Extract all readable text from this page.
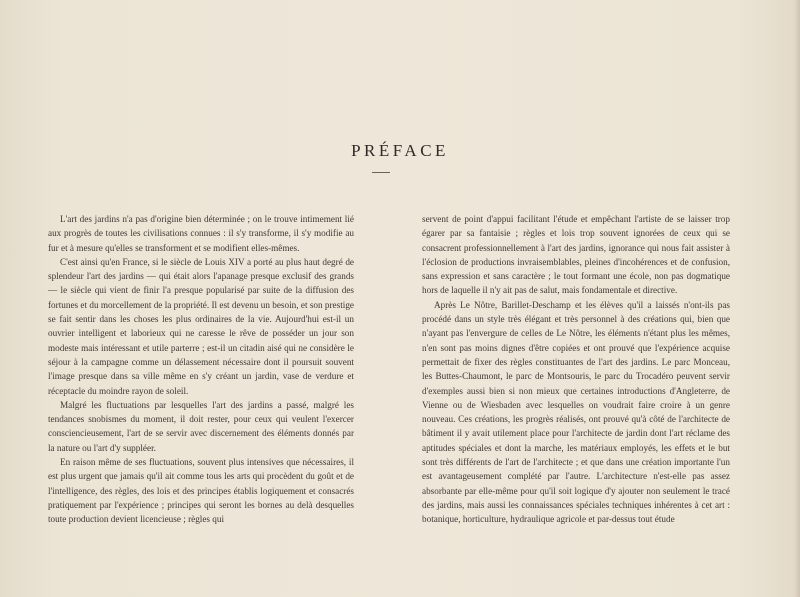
PRÉFACE

L'art des jardins n'a pas d'origine bien déterminée ; on le trouve intimement lié aux progrès de toutes les civilisations connues : il s'y transforme, il s'y modifie au fur et à mesure qu'elles se transforment et se modifient elles-mêmes.

C'est ainsi qu'en France, si le siècle de Louis XIV a porté au plus haut degré de splendeur l'art des jardins — qui était alors l'apanage presque exclusif des grands — le siècle qui vient de finir l'a presque popularisé par suite de la diffusion des fortunes et du morcellement de la propriété. Il est devenu un besoin, et son prestige se fait sentir dans les choses les plus ordinaires de la vie. Aujourd'hui est-il un ouvrier intelligent et laborieux qui ne caresse le rêve de posséder un jour son modeste mais intéressant et utile parterre ; est-il un citadin aisé qui ne considère le séjour à la campagne comme un délassement nécessaire dont il poursuit souvent l'image presque dans sa ville même en s'y créant un jardin, vase de verdure et réceptacle du moindre rayon de soleil.

Malgré les fluctuations par lesquelles l'art des jardins a passé, malgré les tendances snobismes du moment, il doit rester, pour ceux qui veulent l'exercer consciencieusement, l'art de se servir avec discernement des éléments donnés par la nature ou l'art d'y suppléer.

En raison même de ses fluctuations, souvent plus intensives que nécessaires, il est plus urgent que jamais qu'il ait comme tous les arts qui procèdent du goût et de l'intelligence, des règles, des lois et des principes établis logiquement et consacrés pratiquement par l'expérience ; principes qui seront les bornes au delà desquelles toute production devient licencieuse ; règles qui

servent de point d'appui facilitant l'étude et empêchant l'artiste de se laisser trop égarer par sa fantaisie ; règles et lois trop souvent ignorées de ceux qui se consacrent professionnellement à l'art des jardins, ignorance qui nous fait assister à l'éclosion de productions invraisemblables, pleines d'incohérences et de confusion, sans expression et sans caractère ; le tout formant une école, non pas dogmatique hors de laquelle il n'y ait pas de salut, mais fondamentale et directive.

Après Le Nôtre, Barillet-Deschamp et les élèves qu'il a laissés n'ont-ils pas procédé dans un style très élégant et très personnel à des créations qui, bien que n'ayant pas l'envergure de celles de Le Nôtre, les éléments n'étant plus les mêmes, n'en sont pas moins dignes d'être copiées et ont prouvé que l'expérience acquise permettait de fixer des règles constituantes de l'art des jardins. Le parc Monceau, les Buttes-Chaumont, le parc de Montsouris, le parc du Trocadéro peuvent servir d'exemples aussi bien si non mieux que certaines introductions d'Angleterre, de Vienne ou de Wiesbaden avec lesquelles on voudrait faire croire à un genre nouveau. Ces créations, les progrès réalisés, ont prouvé qu'à côté de l'architecte de bâtiment il y avait utilement place pour l'architecte de jardin dont l'art réclame des aptitudes spéciales et dont la marche, les matériaux employés, les effets et le but sont très différents de l'art de l'architecte ; et que dans une création importante l'un est avantageusement complété par l'autre. L'architecture n'est-elle pas assez absorbante par elle-même pour qu'il soit logique d'y ajouter non seulement le tracé des jardins, mais aussi les connaissances spéciales techniques inhérentes à cet art : botanique, horticulture, hydraulique agricole et par-dessus tout étude
